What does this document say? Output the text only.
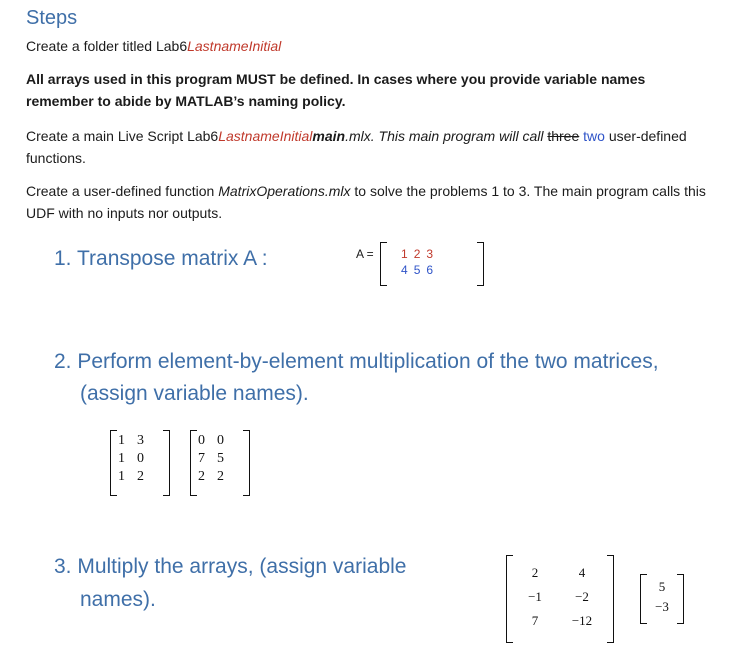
Steps
Create a folder titled Lab6LastnameInitial
All arrays used in this program MUST be defined. In cases where you provide variable names remember to abide by MATLAB’s naming policy.
Create a main Live Script Lab6LastnameInitialmain.mlx. This main program will call three two user-defined functions.
Create a user-defined function MatrixOperations.mlx to solve the problems 1 to 3. The main program calls this UDF with no inputs nor outputs.
1. Transpose matrix A :	A = 1	2	3
4	5	6
2. Perform element-by-element multiplication of the two matrices,
(assign variable names).
1	3
1	0
1	2
0	0
7	5
2	2
3. Multiply the arrays, (assign variable
names).
2	4
−1	−2
7	−12
5
−3
